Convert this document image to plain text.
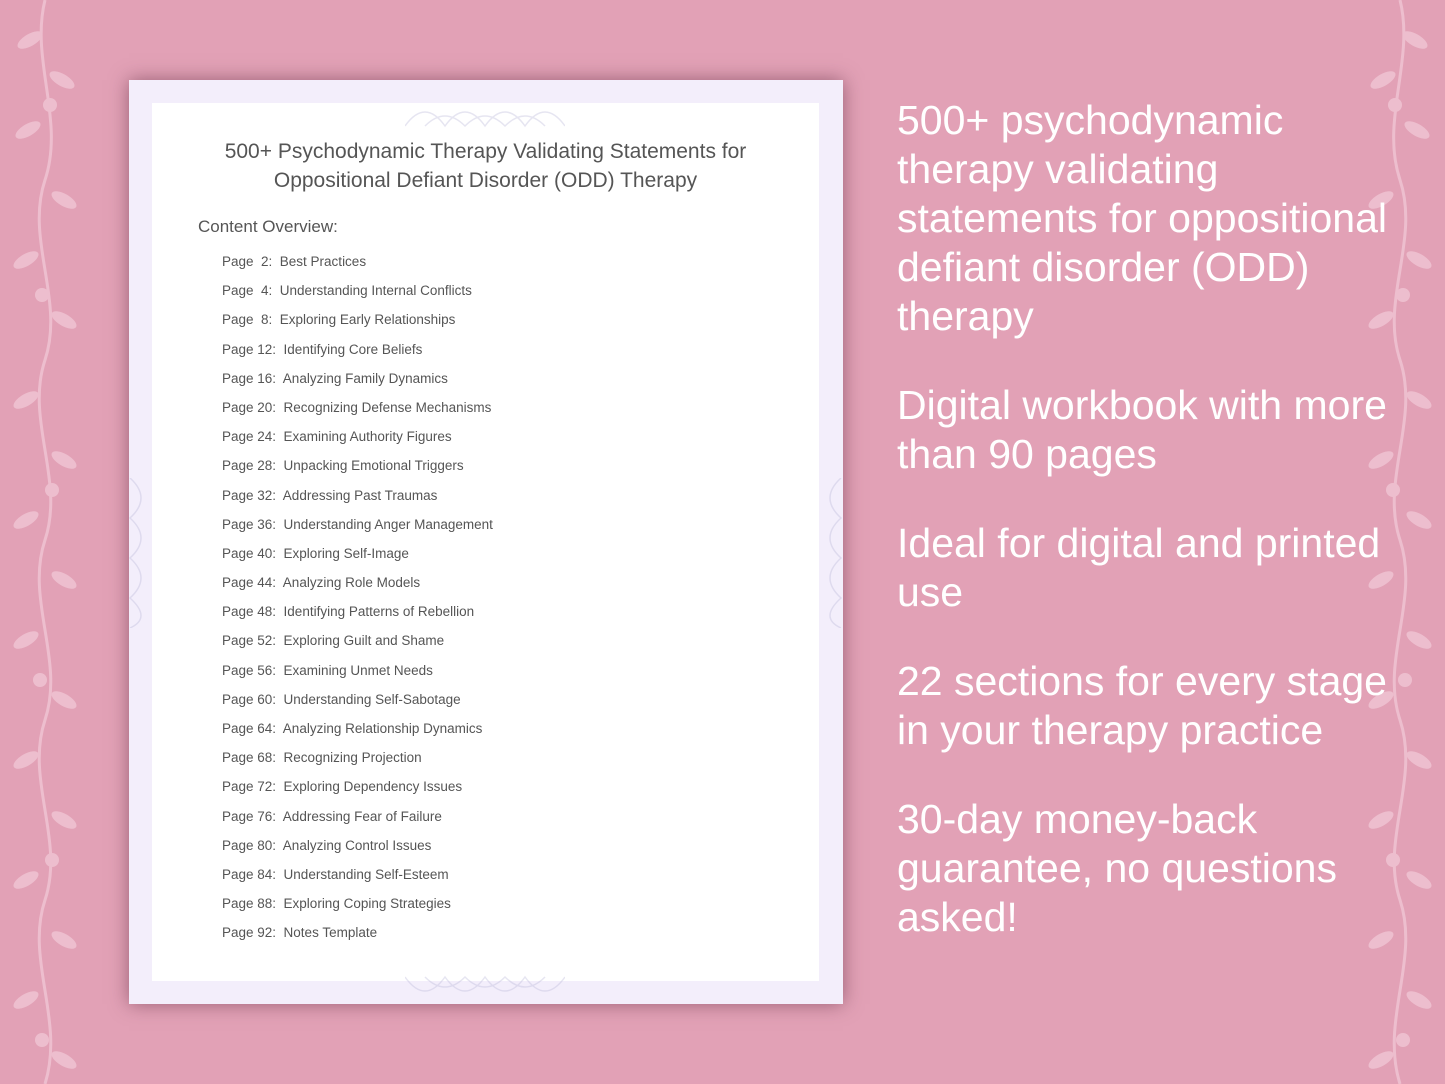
500+ Psychodynamic Therapy Validating Statements for Oppositional Defiant Disorder (ODD) Therapy
Content Overview:
Page  2:  Best Practices
Page  4:  Understanding Internal Conflicts
Page  8:  Exploring Early Relationships
Page 12:  Identifying Core Beliefs
Page 16:  Analyzing Family Dynamics
Page 20:  Recognizing Defense Mechanisms
Page 24:  Examining Authority Figures
Page 28:  Unpacking Emotional Triggers
Page 32:  Addressing Past Traumas
Page 36:  Understanding Anger Management
Page 40:  Exploring Self-Image
Page 44:  Analyzing Role Models
Page 48:  Identifying Patterns of Rebellion
Page 52:  Exploring Guilt and Shame
Page 56:  Examining Unmet Needs
Page 60:  Understanding Self-Sabotage
Page 64:  Analyzing Relationship Dynamics
Page 68:  Recognizing Projection
Page 72:  Exploring Dependency Issues
Page 76:  Addressing Fear of Failure
Page 80:  Analyzing Control Issues
Page 84:  Understanding Self-Esteem
Page 88:  Exploring Coping Strategies
Page 92:  Notes Template

500+ psychodynamic therapy validating statements for oppositional defiant disorder (ODD) therapy

Digital workbook with more than 90 pages

Ideal for digital and printed use

22 sections for every stage in your therapy practice

30-day money-back guarantee, no questions asked!
